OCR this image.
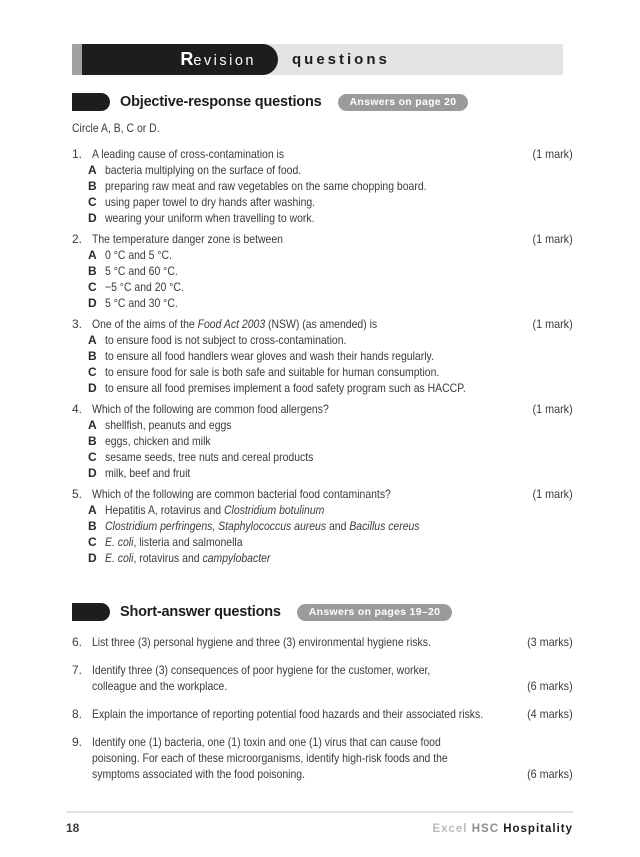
Revision	questions
Objective-response questions	Answers on page 20
Circle A, B, C or D.
1. A leading cause of cross-contamination is	(1 mark)
A bacteria multiplying on the surface of food.
B preparing raw meat and raw vegetables on the same chopping board.
C using paper towel to dry hands after washing.
D wearing your uniform when travelling to work.
2. The temperature danger zone is between	(1 mark)
A 0 °C and 5 °C.
B 5 °C and 60 °C.
C −5 °C and 20 °C.
D 5 °C and 30 °C.
3. One of the aims of the Food Act 2003 (NSW) (as amended) is	(1 mark)
A to ensure food is not subject to cross-contamination.
B to ensure all food handlers wear gloves and wash their hands regularly.
C to ensure food for sale is both safe and suitable for human consumption.
D to ensure all food premises implement a food safety program such as HACCP.
4. Which of the following are common food allergens?	(1 mark)
A shellfish, peanuts and eggs
B eggs, chicken and milk
C sesame seeds, tree nuts and cereal products
D milk, beef and fruit
5. Which of the following are common bacterial food contaminants?	(1 mark)
A Hepatitis A, rotavirus and Clostridium botulinum
B Clostridium perfringens, Staphylococcus aureus and Bacillus cereus
C E. coli, listeria and salmonella
D E. coli, rotavirus and campylobacter
Short-answer questions	Answers on pages 19–20
6. List three (3) personal hygiene and three (3) environmental hygiene risks.	(3 marks)
7. Identify three (3) consequences of poor hygiene for the customer, worker,
colleague and the workplace.	(6 marks)
8. Explain the importance of reporting potential food hazards and their associated risks.	(4 marks)
9. Identify one (1) bacteria, one (1) toxin and one (1) virus that can cause food
poisoning. For each of these microorganisms, identify high-risk foods and the
symptoms associated with the food poisoning.	(6 marks)
18	Excel HSC Hospitality
